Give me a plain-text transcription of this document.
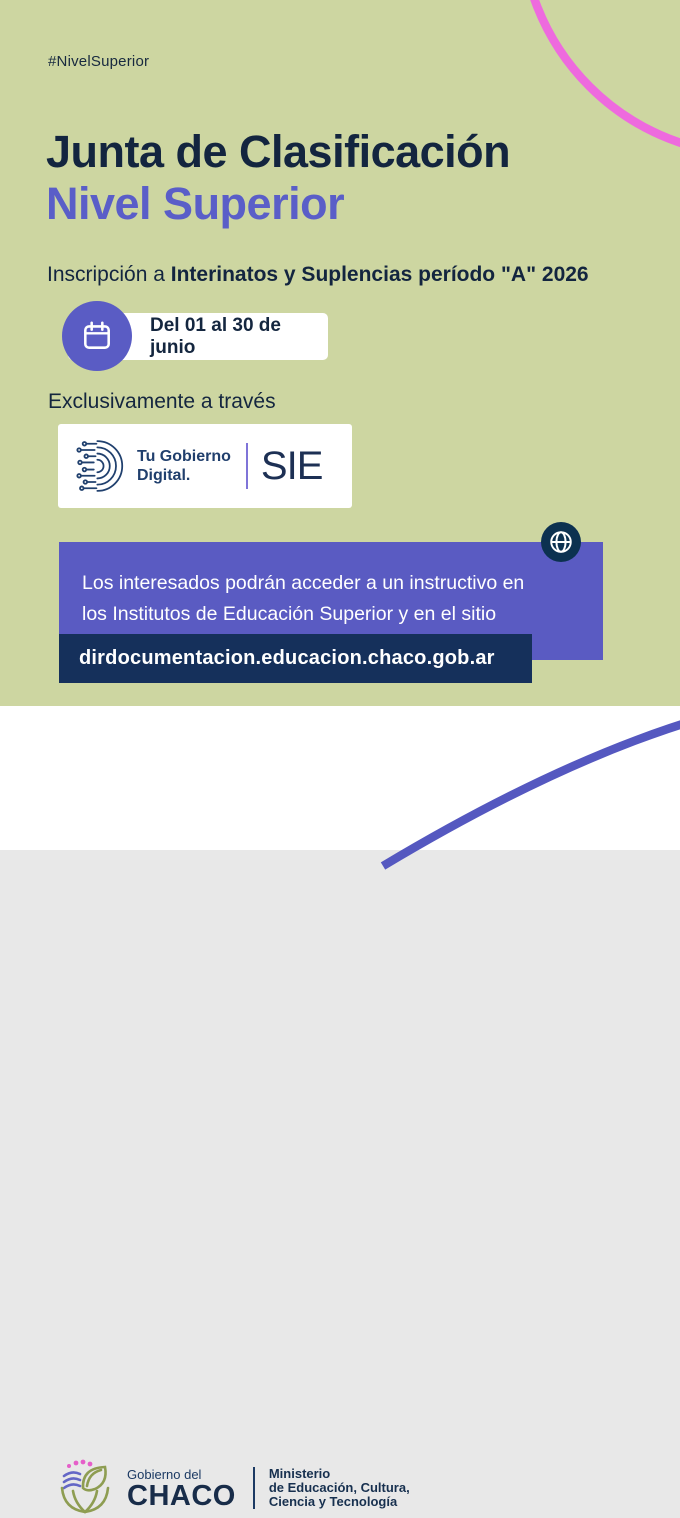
#NivelSuperior
Junta de Clasificación
Nivel Superior
Inscripción a Interinatos y Suplencias período "A" 2026
Del 01 al 30 de junio
Exclusivamente a través
Tu Gobierno
Digital.	SIE
Los interesados podrán acceder a un instructivo en
los Institutos de Educación Superior y en el sitio
dirdocumentacion.educacion.chaco.gob.ar
Gobierno del
CHACO
Ministerio
de Educación, Cultura,
Ciencia y Tecnología
